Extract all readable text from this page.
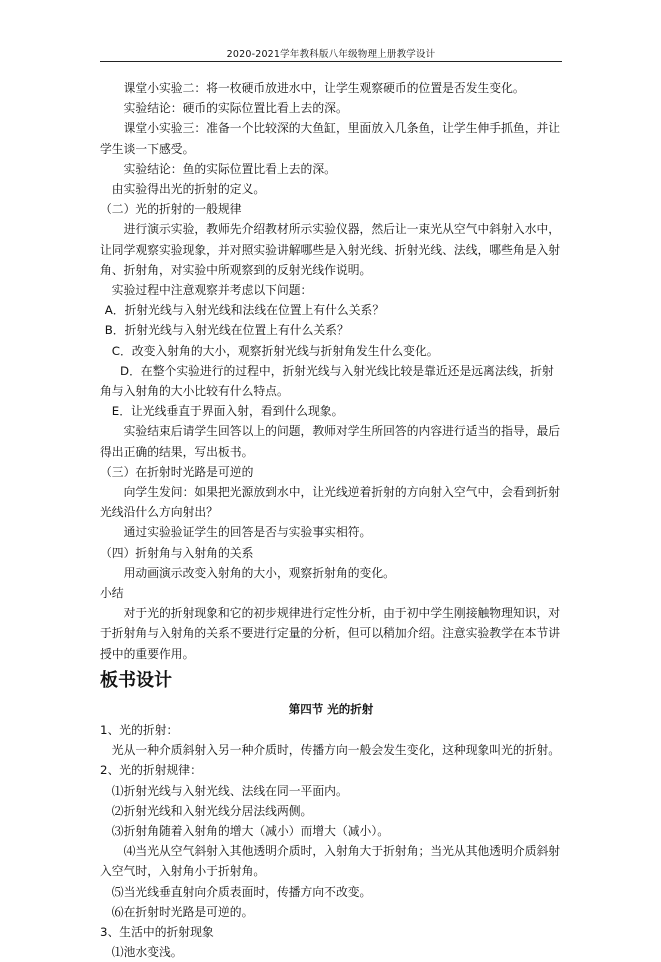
2020-2021学年教科版八年级物理上册教学设计

课堂小实验二：将一枚硬币放进水中，让学生观察硬币的位置是否发生变化。

实验结论：硬币的实际位置比看上去的深。

课堂小实验三：准备一个比较深的大鱼缸，里面放入几条鱼，让学生伸手抓鱼，并让学生谈一下感受。

实验结论：鱼的实际位置比看上去的深。

由实验得出光的折射的定义。

（二）光的折射的一般规律

进行演示实验，教师先介绍教材所示实验仪器，然后让一束光从空气中斜射入水中，让同学观察实验现象，并对照实验讲解哪些是入射光线、折射光线、法线，哪些角是入射角、折射角，对实验中所观察到的反射光线作说明。

实验过程中注意观察并考虑以下问题：

A．折射光线与入射光线和法线在位置上有什么关系？

B．折射光线与入射光线在位置上有什么关系？

C．改变入射角的大小，观察折射光线与折射角发生什么变化。

D．在整个实验进行的过程中，折射光线与入射光线比较是靠近还是远离法线，折射角与入射角的大小比较有什么特点。

E．让光线垂直于界面入射，看到什么现象。

实验结束后请学生回答以上的问题，教师对学生所回答的内容进行适当的指导，最后得出正确的结果，写出板书。

（三）在折射时光路是可逆的

向学生发问：如果把光源放到水中，让光线逆着折射的方向射入空气中，会看到折射光线沿什么方向射出？

通过实验验证学生的回答是否与实验事实相符。

（四）折射角与入射角的关系

用动画演示改变入射角的大小，观察折射角的变化。

小结

对于光的折射现象和它的初步规律进行定性分析，由于初中学生刚接触物理知识，对于折射角与入射角的关系不要进行定量的分析，但可以稍加介绍。注意实验教学在本节讲授中的重要作用。

板书设计

第四节 光的折射

1、光的折射：

光从一种介质斜射入另一种介质时，传播方向一般会发生变化，这种现象叫光的折射。

2、光的折射规律：

⑴折射光线与入射光线、法线在同一平面内。

⑵折射光线和入射光线分居法线两侧。

⑶折射角随着入射角的增大（减小）而增大（减小）。

⑷当光从空气斜射入其他透明介质时，入射角大于折射角；当光从其他透明介质斜射入空气时，入射角小于折射角。

⑸当光线垂直射向介质表面时，传播方向不改变。

⑹在折射时光路是可逆的。

3、生活中的折射现象

⑴池水变浅。
